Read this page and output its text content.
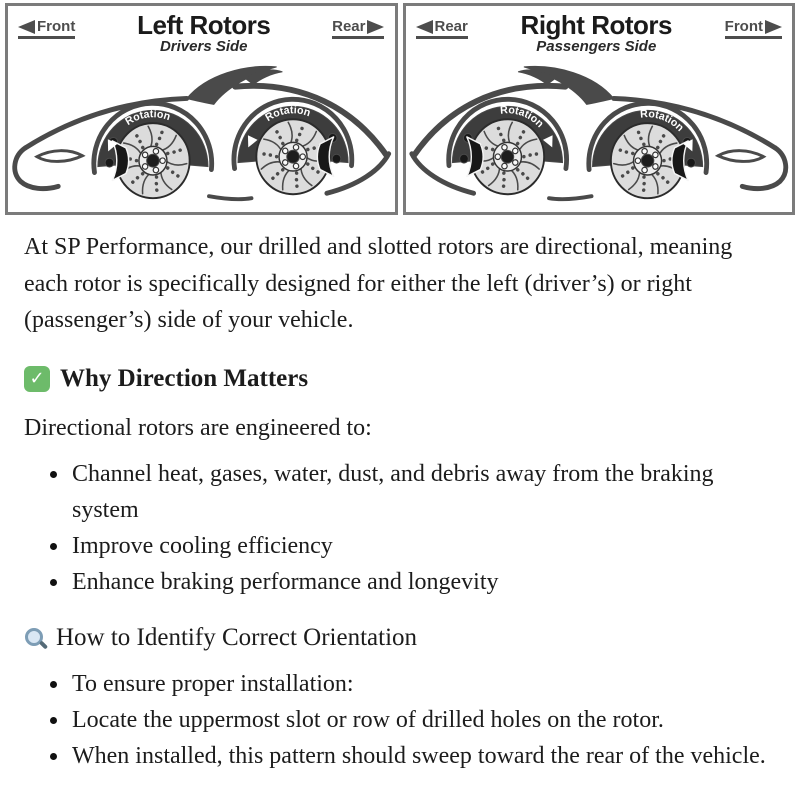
Front Left Rotors
Drivers Side
Rear
Rotation	Rotation
Rear Right Rotors
Passengers Side
Front
Rotation
Rotation

At SP Performance, our drilled and slotted rotors are directional, meaning each rotor is specifically designed for either the left (driver’s) or right (passenger’s) side of your vehicle.

✓ Why Direction Matters

Directional rotors are engineered to:

• Channel heat, gases, water, dust, and debris away from the braking system
• Improve cooling efficiency
• Enhance braking performance and longevity
How to Identify Correct Orientation
• To ensure proper installation:
• Locate the uppermost slot or row of drilled holes on the rotor.
• When installed, this pattern should sweep toward the rear of the vehicle.
